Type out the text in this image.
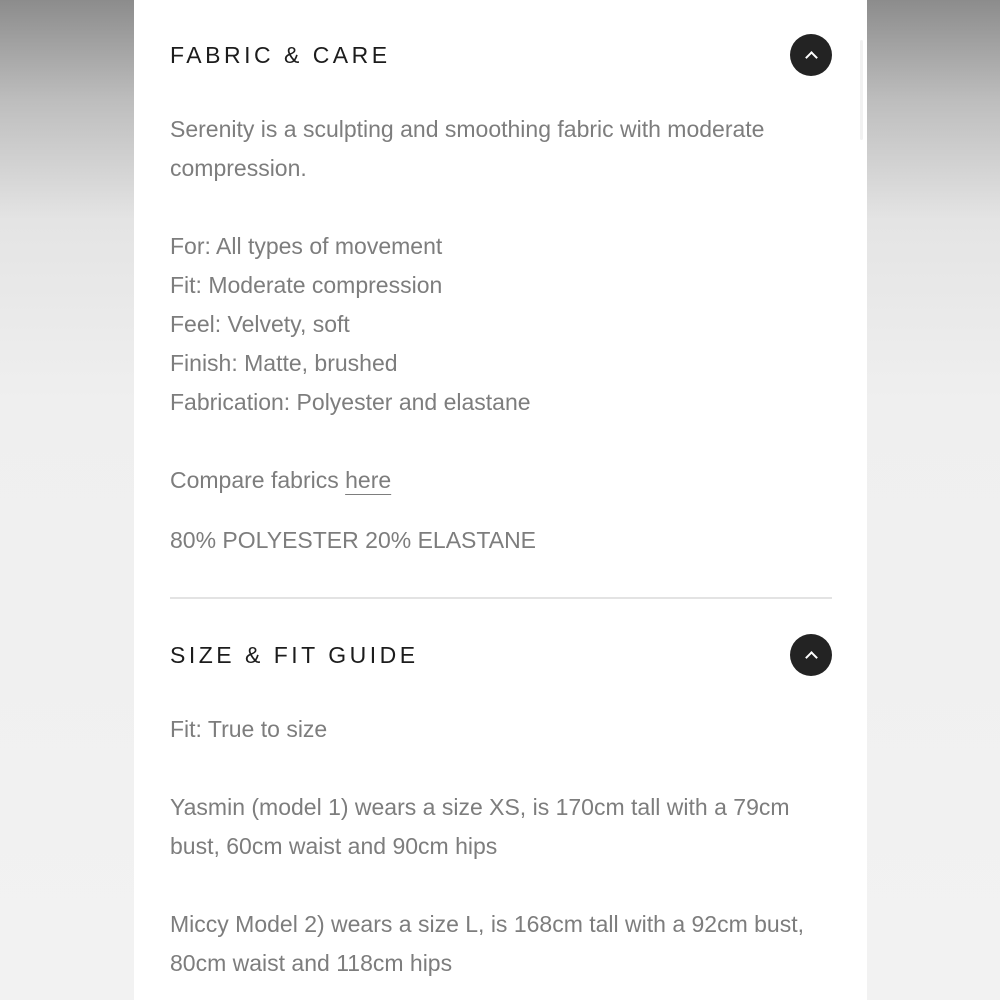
FABRIC & CARE

Serenity is a sculpting and smoothing fabric with moderate compression.

For: All types of movement

Fit: Moderate compression

Feel: Velvety, soft

Finish: Matte, brushed

Fabrication: Polyester and elastane

Compare fabrics here

80% POLYESTER 20% ELASTANE

SIZE & FIT GUIDE

Fit: True to size

Yasmin (model 1) wears a size XS, is 170cm tall with a 79cm bust, 60cm waist and 90cm hips

Miccy Model 2) wears a size L, is 168cm tall with a 92cm bust, 80cm waist and 118cm hips
